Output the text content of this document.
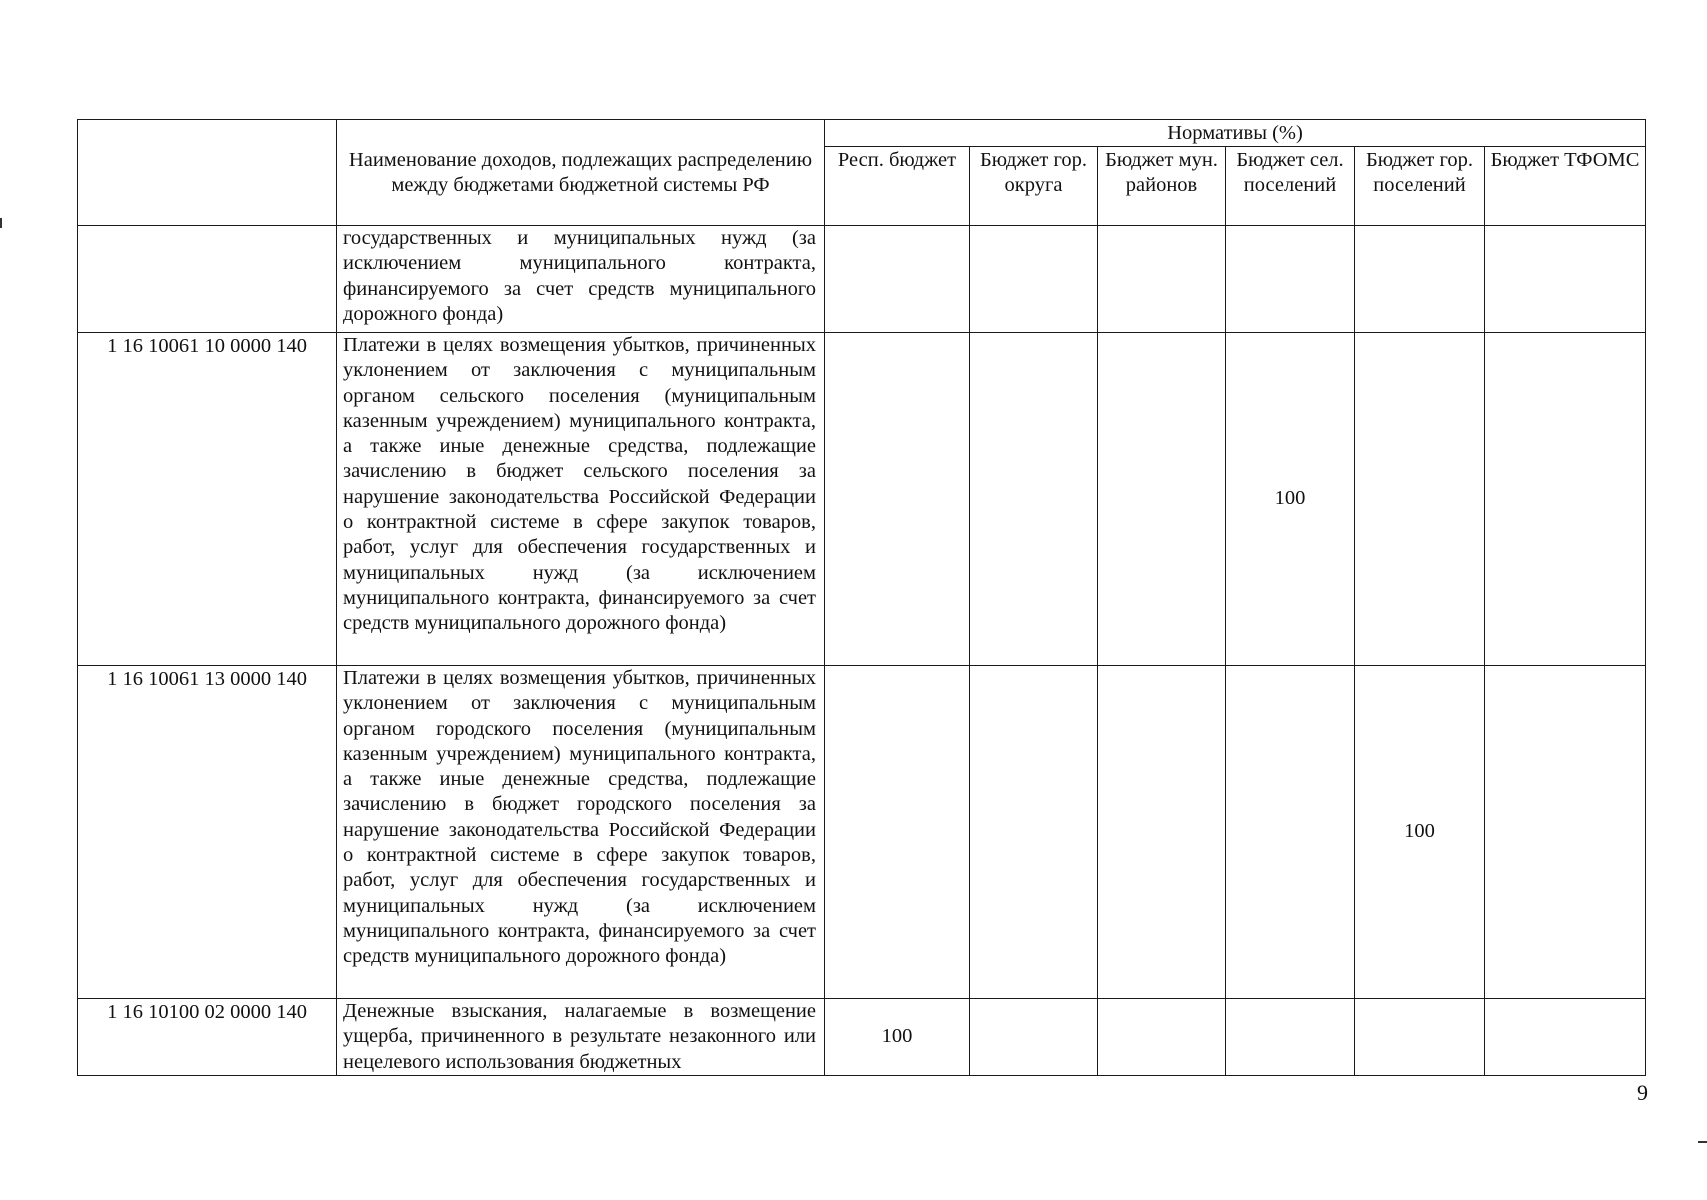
	Наименование доходов, подлежащих распределению между бюджетами бюджетной системы РФ	Нормативы (%)					
		Респ. бюджет	Бюджет гор. округа	Бюджет мун. районов	Бюджет сел. поселений	Бюджет гор. поселений	Бюджет ТФОМС
	государственных и муниципальных нужд (за исключением муниципального контракта, финансируемого за счет средств муниципального дорожного фонда)						
1 16 10061 10 0000 140	Платежи в целях возмещения убытков, причиненных уклонением от заключения с муниципальным органом сельского поселения (муниципальным казенным учреждением) муниципального контракта, а также иные денежные средства, подлежащие зачислению в бюджет сельского поселения за нарушение законодательства Российской Федерации о контрактной системе в сфере закупок товаров, работ, услуг для обеспечения государственных и муниципальных нужд (за исключением муниципального контракта, финансируемого за счет средств муниципального дорожного фонда)				100		
1 16 10061 13 0000 140	Платежи в целях возмещения убытков, причиненных уклонением от заключения с муниципальным органом городского поселения (муниципальным казенным учреждением) муниципального контракта, а также иные денежные средства, подлежащие зачислению в бюджет городского поселения за нарушение законодательства Российской Федерации о контрактной системе в сфере закупок товаров, работ, услуг для обеспечения государственных и муниципальных нужд (за исключением муниципального контракта, финансируемого за счет средств муниципального дорожного фонда)					100	
1 16 10100 02 0000 140	Денежные взыскания, налагаемые в возмещение ущерба, причиненного в результате незаконного или нецелевого использования бюджетных	100					
9
